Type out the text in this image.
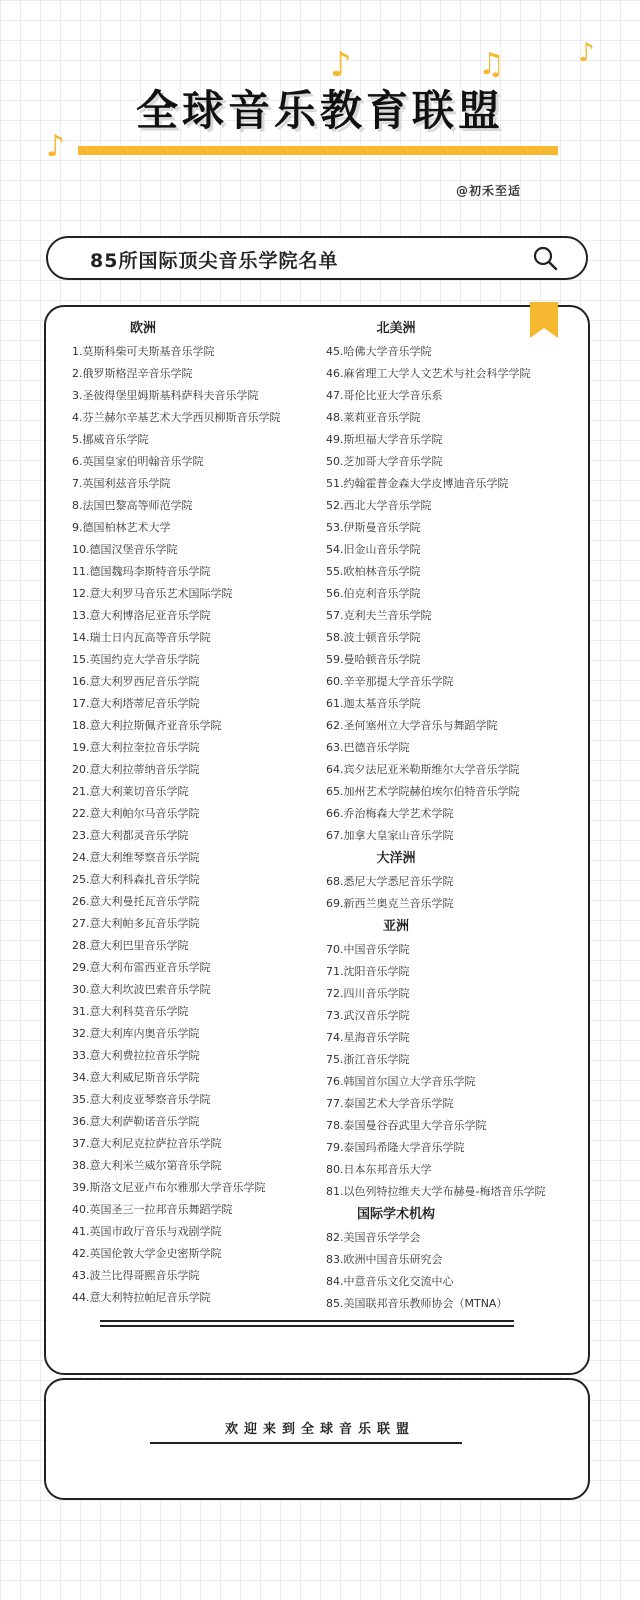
♪
♪	♫	♪
全球音乐教育联盟
@初禾至适
85所国际顶尖音乐学院名单
欧洲
1.莫斯科柴可夫斯基音乐学院
2.俄罗斯格涅辛音乐学院
3.圣彼得堡里姆斯基科萨科夫音乐学院
4.芬兰赫尔辛基艺术大学西贝柳斯音乐学院
5.挪威音乐学院
6.英国皇家伯明翰音乐学院
7.英国利兹音乐学院
8.法国巴黎高等师范学院
9.德国柏林艺术大学
10.德国汉堡音乐学院
11.德国魏玛李斯特音乐学院
12.意大利罗马音乐艺术国际学院
13.意大利博洛尼亚音乐学院
14.瑞士日内瓦高等音乐学院
15.英国约克大学音乐学院
16.意大利罗西尼音乐学院
17.意大利塔蒂尼音乐学院
18.意大利拉斯佩齐亚音乐学院
19.意大利拉奎拉音乐学院
20.意大利拉蒂纳音乐学院
21.意大利莱切音乐学院
22.意大利帕尔马音乐学院
23.意大利都灵音乐学院
24.意大利维琴察音乐学院
25.意大利科森扎音乐学院
26.意大利曼托瓦音乐学院
27.意大利帕多瓦音乐学院
28.意大利巴里音乐学院
29.意大利布雷西亚音乐学院
30.意大利坎波巴索音乐学院
31.意大利科莫音乐学院
32.意大利库内奥音乐学院
33.意大利费拉拉音乐学院
34.意大利威尼斯音乐学院
35.意大利皮亚琴察音乐学院
36.意大利萨勒诺音乐学院
37.意大利尼克拉萨拉音乐学院
38.意大利米兰威尔第音乐学院
39.斯洛文尼亚卢布尔雅那大学音乐学院
40.英国圣三一拉邦音乐舞蹈学院
41.英国市政厅音乐与戏剧学院
42.英国伦敦大学金史密斯学院
43.波兰比得哥熙音乐学院
44.意大利特拉帕尼音乐学院
北美洲
45.哈佛大学音乐学院
46.麻省理工大学人文艺术与社会科学学院
47.哥伦比亚大学音乐系
48.莱莉亚音乐学院
49.斯坦福大学音乐学院
50.芝加哥大学音乐学院
51.约翰霍普金森大学皮博迪音乐学院
52.西北大学音乐学院
53.伊斯曼音乐学院
54.旧金山音乐学院
55.欧柏林音乐学院
56.伯克利音乐学院
57.克利夫兰音乐学院
58.波士顿音乐学院
59.曼哈顿音乐学院
60.辛辛那提大学音乐学院
61.迦太基音乐学院
62.圣何塞州立大学音乐与舞蹈学院
63.巴德音乐学院
64.宾夕法尼亚米勒斯维尔大学音乐学院
65.加州艺术学院赫伯埃尔伯特音乐学院
66.乔治梅森大学艺术学院
67.加拿大皇家山音乐学院
大洋洲
68.悉尼大学悉尼音乐学院
69.新西兰奥克兰音乐学院
亚洲
70.中国音乐学院
71.沈阳音乐学院
72.四川音乐学院
73.武汉音乐学院
74.星海音乐学院
75.浙江音乐学院
76.韩国首尔国立大学音乐学院
77.泰国艺术大学音乐学院
78.泰国曼谷吞武里大学音乐学院
79.泰国玛希隆大学音乐学院
80.日本东邦音乐大学
81.以色列特拉维夫大学布赫曼-梅塔音乐学院
国际学术机构
82.美国音乐学学会
83.欧洲中国音乐研究会
84.中意音乐文化交流中心
85.美国联邦音乐教师协会（MTNA）
欢迎来到全球音乐联盟
